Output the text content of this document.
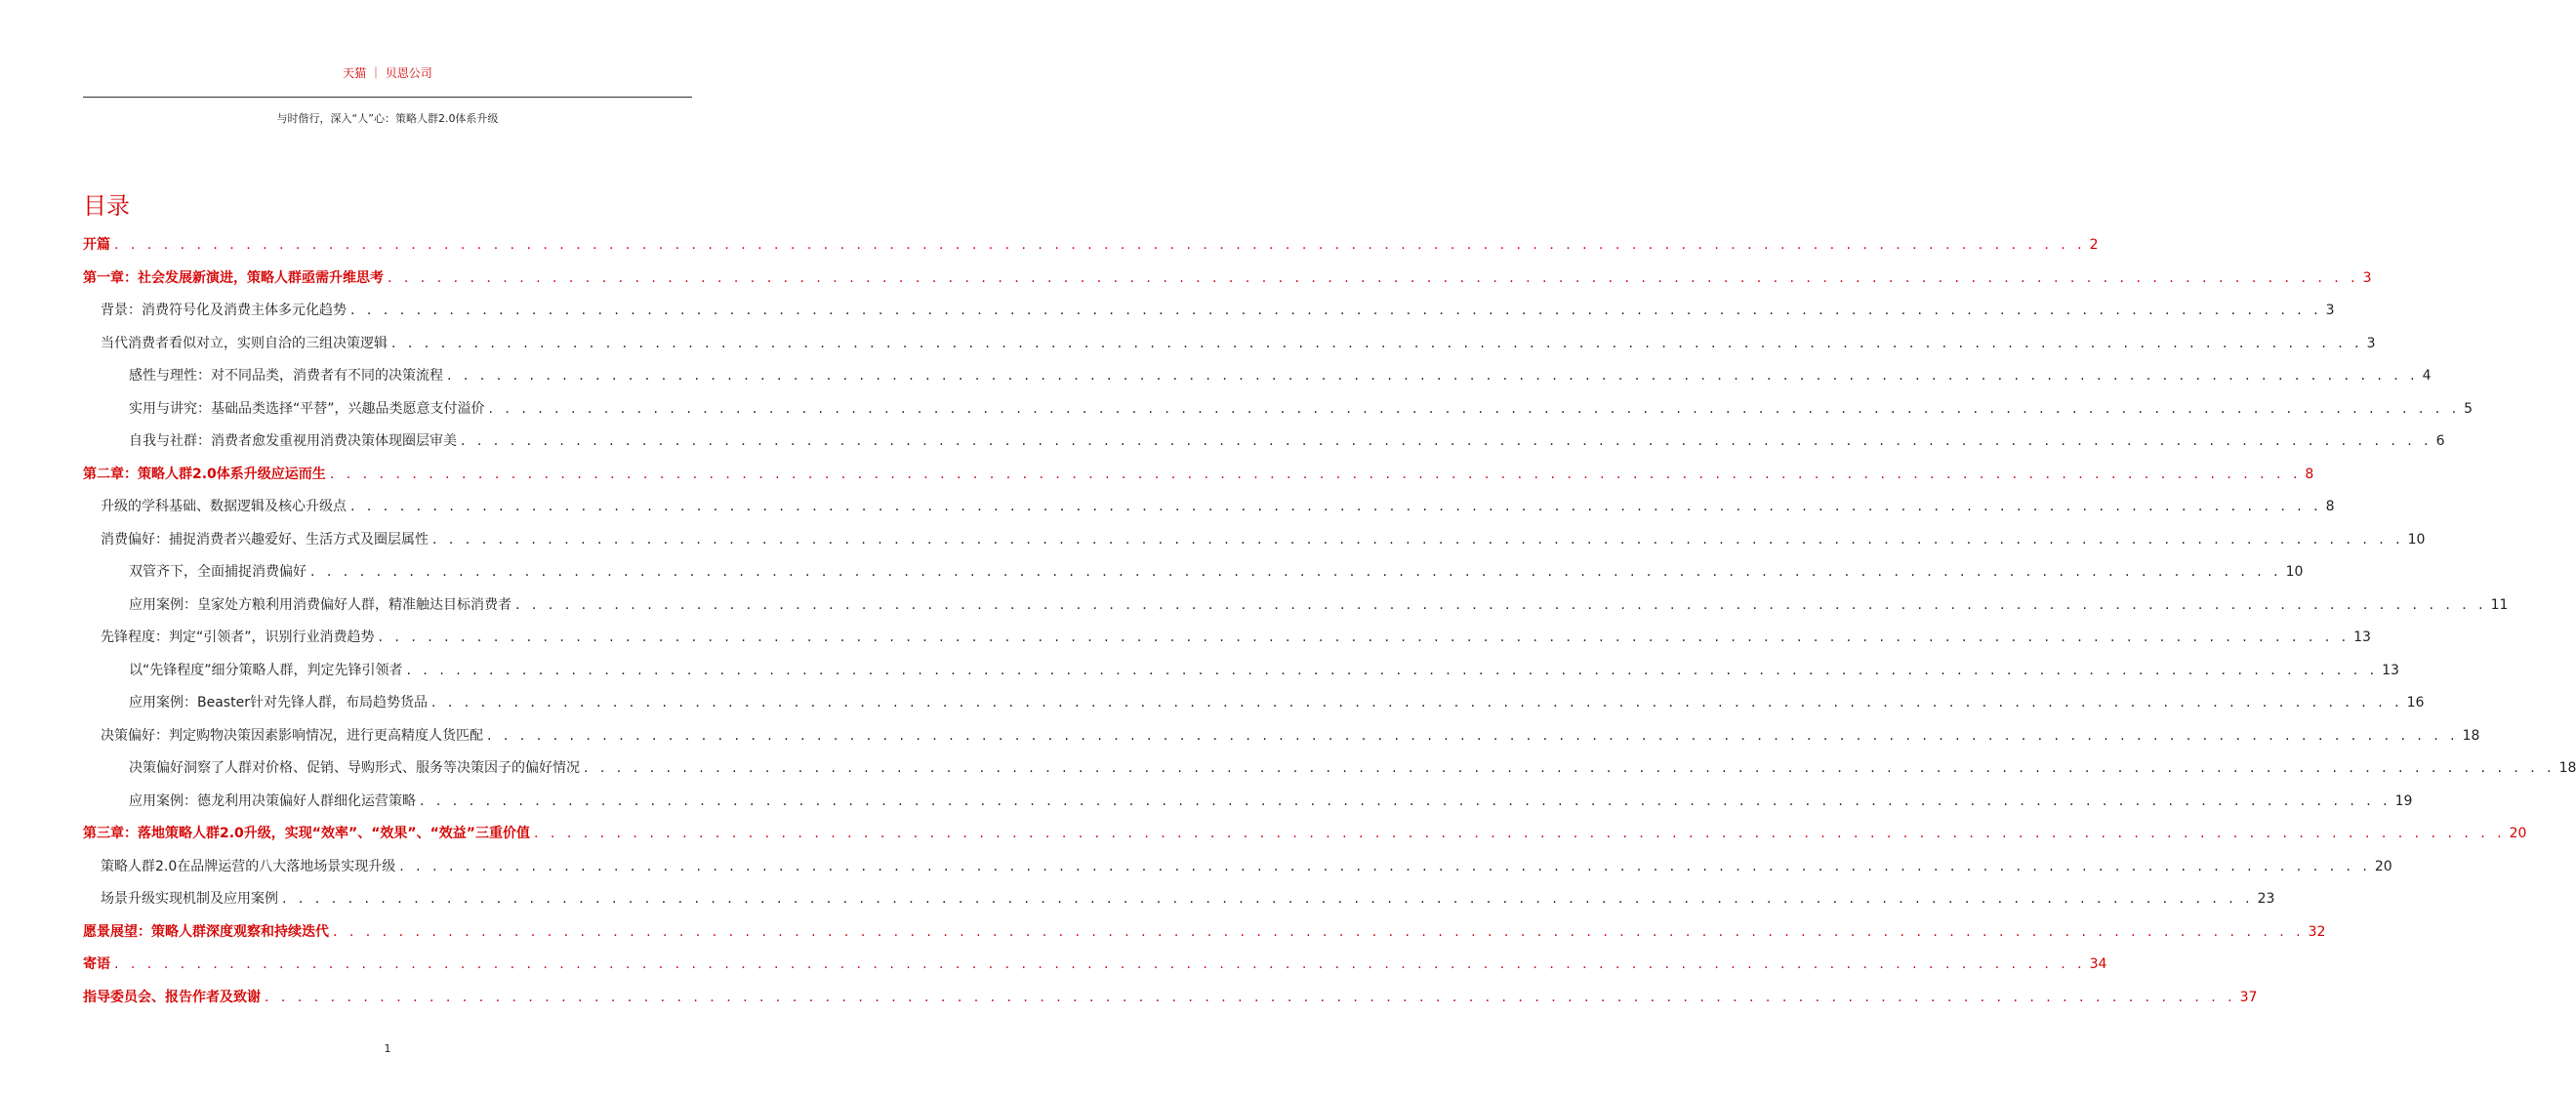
天猫 ｜ 贝恩公司
与时偕行，深入“人”心：策略人群2.0体系升级
目录
开篇 . . . . . . . . . . . . . . . . . . . . . . . . . . . . . . . . . . . . . . . . . . . . . . . . . . . . . . . . . . . . . . . . . . . . . . . . . . . . . . . . . . . . . . . . . . . . . . . . . . . . . . . . . . . . . . . . . . . . . . . . 2
第一章：社会发展新演进，策略人群亟需升维思考 . . . . . . . . . . . . . . . . . . . . . . . . . . . . . . . . . . . . . . . . . . . . . . . . . . . . . . . . . . . . . . . . . . . . . . . . . . . . . . . . . . . . . . . . . . . . . . . . . . . . . . . . . . . . . . . . . . . . . . . . 3
背景：消费符号化及消费主体多元化趋势 . . . . . . . . . . . . . . . . . . . . . . . . . . . . . . . . . . . . . . . . . . . . . . . . . . . . . . . . . . . . . . . . . . . . . . . . . . . . . . . . . . . . . . . . . . . . . . . . . . . . . . . . . . . . . . . . . . . . . . . . 3
当代消费者看似对立，实则自洽的三组决策逻辑 . . . . . . . . . . . . . . . . . . . . . . . . . . . . . . . . . . . . . . . . . . . . . . . . . . . . . . . . . . . . . . . . . . . . . . . . . . . . . . . . . . . . . . . . . . . . . . . . . . . . . . . . . . . . . . . . . . . . . . . . 3
感性与理性：对不同品类，消费者有不同的决策流程 . . . . . . . . . . . . . . . . . . . . . . . . . . . . . . . . . . . . . . . . . . . . . . . . . . . . . . . . . . . . . . . . . . . . . . . . . . . . . . . . . . . . . . . . . . . . . . . . . . . . . . . . . . . . . . . . . . . . . . . . 4
实用与讲究：基础品类选择“平替”，兴趣品类愿意支付溢价 . . . . . . . . . . . . . . . . . . . . . . . . . . . . . . . . . . . . . . . . . . . . . . . . . . . . . . . . . . . . . . . . . . . . . . . . . . . . . . . . . . . . . . . . . . . . . . . . . . . . . . . . . . . . . . . . . . . . . . . . 5
自我与社群：消费者愈发重视用消费决策体现圈层审美 . . . . . . . . . . . . . . . . . . . . . . . . . . . . . . . . . . . . . . . . . . . . . . . . . . . . . . . . . . . . . . . . . . . . . . . . . . . . . . . . . . . . . . . . . . . . . . . . . . . . . . . . . . . . . . . . . . . . . . . . 6
第二章：策略人群2.0体系升级应运而生 . . . . . . . . . . . . . . . . . . . . . . . . . . . . . . . . . . . . . . . . . . . . . . . . . . . . . . . . . . . . . . . . . . . . . . . . . . . . . . . . . . . . . . . . . . . . . . . . . . . . . . . . . . . . . . . . . . . . . . . . 8
升级的学科基础、数据逻辑及核心升级点 . . . . . . . . . . . . . . . . . . . . . . . . . . . . . . . . . . . . . . . . . . . . . . . . . . . . . . . . . . . . . . . . . . . . . . . . . . . . . . . . . . . . . . . . . . . . . . . . . . . . . . . . . . . . . . . . . . . . . . . . 8
消费偏好：捕捉消费者兴趣爱好、生活方式及圈层属性 . . . . . . . . . . . . . . . . . . . . . . . . . . . . . . . . . . . . . . . . . . . . . . . . . . . . . . . . . . . . . . . . . . . . . . . . . . . . . . . . . . . . . . . . . . . . . . . . . . . . . . . . . . . . . . . . . . . . . . . . 10
双管齐下，全面捕捉消费偏好 . . . . . . . . . . . . . . . . . . . . . . . . . . . . . . . . . . . . . . . . . . . . . . . . . . . . . . . . . . . . . . . . . . . . . . . . . . . . . . . . . . . . . . . . . . . . . . . . . . . . . . . . . . . . . . . . . . . . . . . . 10
应用案例：皇家处方粮利用消费偏好人群，精准触达目标消费者 . . . . . . . . . . . . . . . . . . . . . . . . . . . . . . . . . . . . . . . . . . . . . . . . . . . . . . . . . . . . . . . . . . . . . . . . . . . . . . . . . . . . . . . . . . . . . . . . . . . . . . . . . . . . . . . . . . . . . . . . 11
先锋程度：判定“引领者”，识别行业消费趋势 . . . . . . . . . . . . . . . . . . . . . . . . . . . . . . . . . . . . . . . . . . . . . . . . . . . . . . . . . . . . . . . . . . . . . . . . . . . . . . . . . . . . . . . . . . . . . . . . . . . . . . . . . . . . . . . . . . . . . . . . 13
以“先锋程度”细分策略人群，判定先锋引领者 . . . . . . . . . . . . . . . . . . . . . . . . . . . . . . . . . . . . . . . . . . . . . . . . . . . . . . . . . . . . . . . . . . . . . . . . . . . . . . . . . . . . . . . . . . . . . . . . . . . . . . . . . . . . . . . . . . . . . . . . 13
应用案例：Beaster针对先锋人群，布局趋势货品 . . . . . . . . . . . . . . . . . . . . . . . . . . . . . . . . . . . . . . . . . . . . . . . . . . . . . . . . . . . . . . . . . . . . . . . . . . . . . . . . . . . . . . . . . . . . . . . . . . . . . . . . . . . . . . . . . . . . . . . . 16
决策偏好：判定购物决策因素影响情况，进行更高精度人货匹配 . . . . . . . . . . . . . . . . . . . . . . . . . . . . . . . . . . . . . . . . . . . . . . . . . . . . . . . . . . . . . . . . . . . . . . . . . . . . . . . . . . . . . . . . . . . . . . . . . . . . . . . . . . . . . . . . . . . . . . . . 18
决策偏好洞察了人群对价格、促销、导购形式、服务等决策因子的偏好情况 . . . . . . . . . . . . . . . . . . . . . . . . . . . . . . . . . . . . . . . . . . . . . . . . . . . . . . . . . . . . . . . . . . . . . . . . . . . . . . . . . . . . . . . . . . . . . . . . . . . . . . . . . . . . . . . . . . . . . . . . 18
应用案例：德龙利用决策偏好人群细化运营策略 . . . . . . . . . . . . . . . . . . . . . . . . . . . . . . . . . . . . . . . . . . . . . . . . . . . . . . . . . . . . . . . . . . . . . . . . . . . . . . . . . . . . . . . . . . . . . . . . . . . . . . . . . . . . . . . . . . . . . . . . 19
第三章：落地策略人群2.0升级，实现“效率”、“效果”、“效益”三重价值 . . . . . . . . . . . . . . . . . . . . . . . . . . . . . . . . . . . . . . . . . . . . . . . . . . . . . . . . . . . . . . . . . . . . . . . . . . . . . . . . . . . . . . . . . . . . . . . . . . . . . . . . . . . . . . . . . . . . . . . . 20
策略人群2.0在品牌运营的八大落地场景实现升级 . . . . . . . . . . . . . . . . . . . . . . . . . . . . . . . . . . . . . . . . . . . . . . . . . . . . . . . . . . . . . . . . . . . . . . . . . . . . . . . . . . . . . . . . . . . . . . . . . . . . . . . . . . . . . . . . . . . . . . . . 20
场景升级实现机制及应用案例 . . . . . . . . . . . . . . . . . . . . . . . . . . . . . . . . . . . . . . . . . . . . . . . . . . . . . . . . . . . . . . . . . . . . . . . . . . . . . . . . . . . . . . . . . . . . . . . . . . . . . . . . . . . . . . . . . . . . . . . . 23
愿景展望：策略人群深度观察和持续迭代 . . . . . . . . . . . . . . . . . . . . . . . . . . . . . . . . . . . . . . . . . . . . . . . . . . . . . . . . . . . . . . . . . . . . . . . . . . . . . . . . . . . . . . . . . . . . . . . . . . . . . . . . . . . . . . . . . . . . . . . . 32
寄语 . . . . . . . . . . . . . . . . . . . . . . . . . . . . . . . . . . . . . . . . . . . . . . . . . . . . . . . . . . . . . . . . . . . . . . . . . . . . . . . . . . . . . . . . . . . . . . . . . . . . . . . . . . . . . . . . . . . . . . . . 34
指导委员会、报告作者及致谢 . . . . . . . . . . . . . . . . . . . . . . . . . . . . . . . . . . . . . . . . . . . . . . . . . . . . . . . . . . . . . . . . . . . . . . . . . . . . . . . . . . . . . . . . . . . . . . . . . . . . . . . . . . . . . . . . . . . . . . . . 37
1
